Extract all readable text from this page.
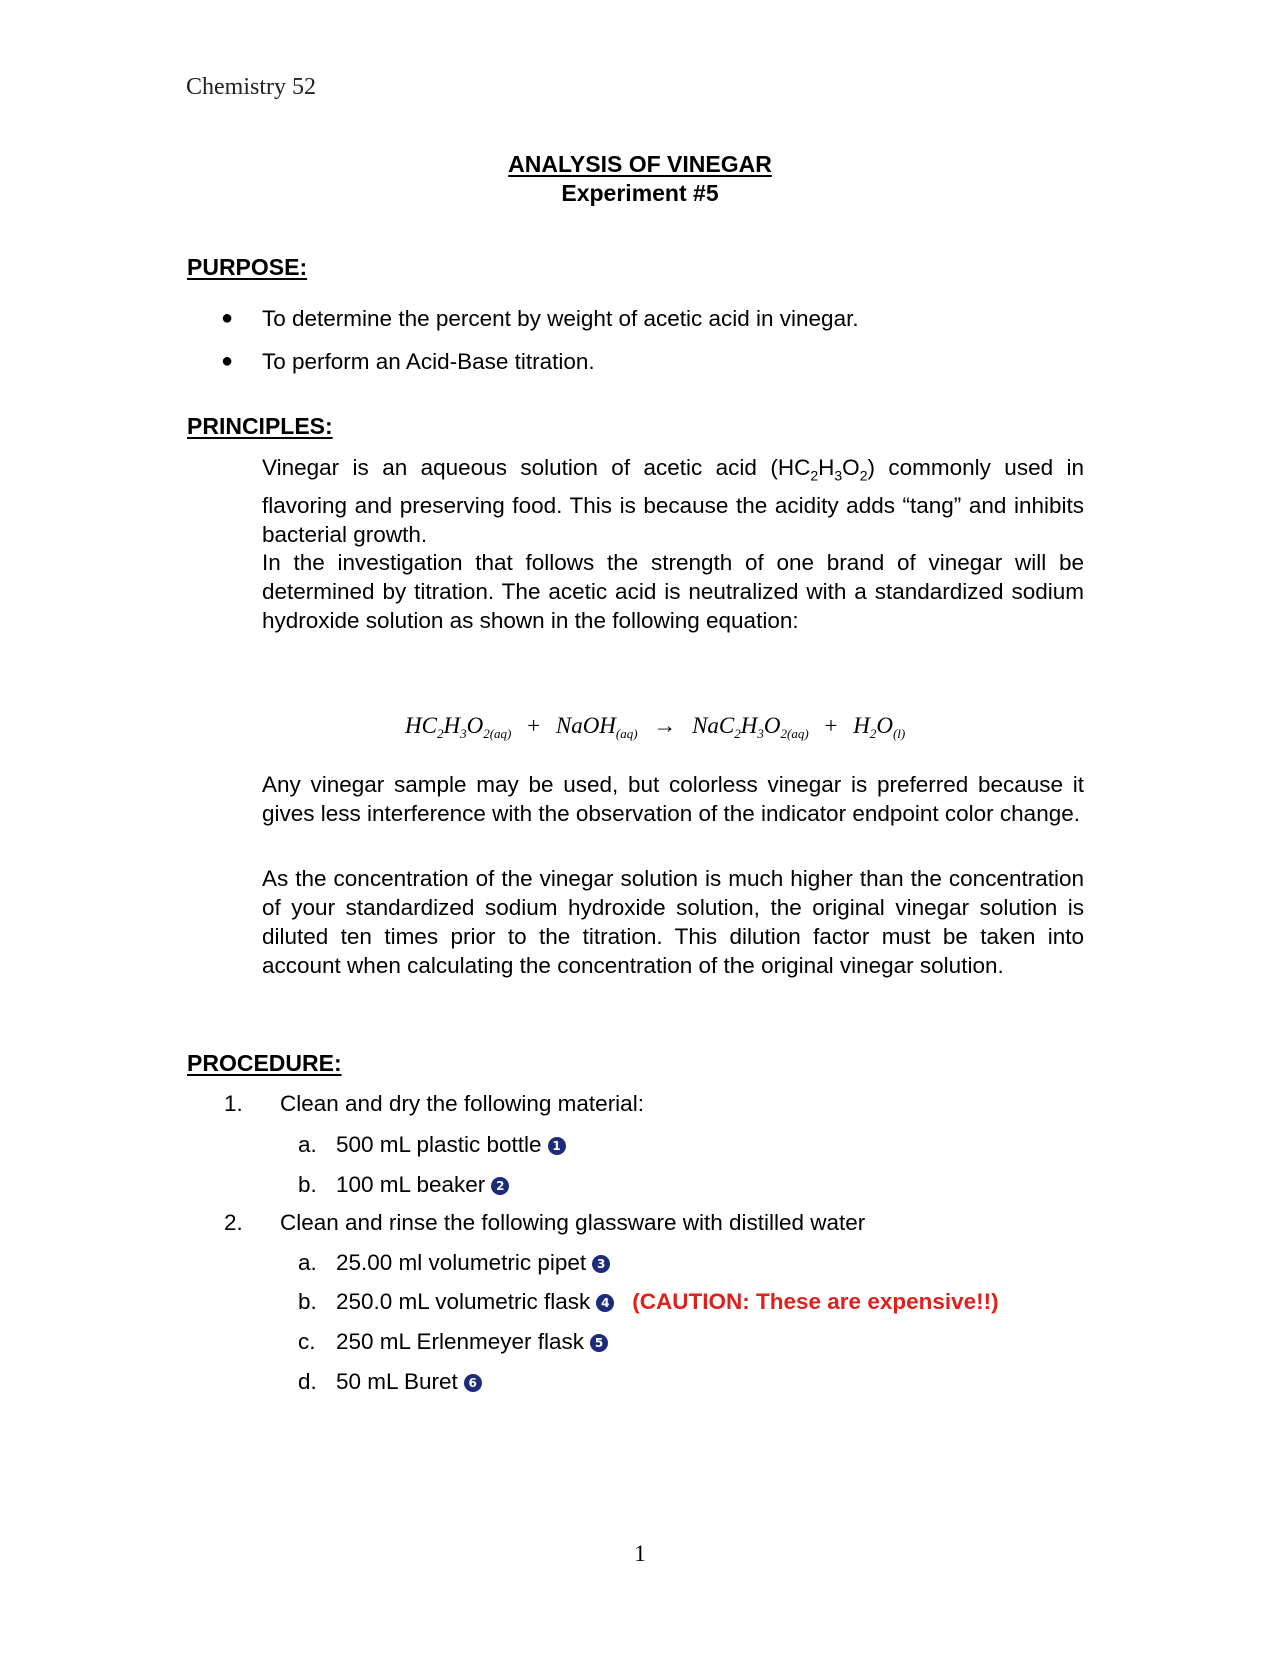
Chemistry 52
ANALYSIS OF VINEGAR
Experiment #5
PURPOSE:
● To determine the percent by weight of acetic acid in vinegar.
● To perform an Acid-Base titration.
PRINCIPLES:

Vinegar is an aqueous solution of acetic acid $(HC_2H_3O_2)$ commonly used in flavoring and preserving food. This is because the acidity adds “tang” and inhibits bacterial growth.

In the investigation that follows the strength of one brand of vinegar will be determined by titration. The acetic acid is neutralized with a standardized sodium hydroxide solution as shown in the following equation:

$HC_2H_3O_{2(aq)}$ + NaOH$_{(aq)}$ → $NaC_2H_3O_{2(aq)} + H_2O_{(l)}$

Any vinegar sample may be used, but colorless vinegar is preferred because it gives less interference with the observation of the indicator endpoint color change.

As the concentration of the vinegar solution is much higher than the concentration of your standardized sodium hydroxide solution, the original vinegar solution is diluted ten times prior to the titration. This dilution factor must be taken into account when calculating the concentration of the original vinegar solution.

PROCEDURE:
1. Clean and dry the following material:
a. 500 mL plastic bottle 1
b. 100 mL beaker 2
2. Clean and rinse the following glassware with distilled water
a. 25.00 ml volumetric pipet 3
b. 250.0 mL volumetric flask 4 (CAUTION: These are expensive!!)
c. 250 mL Erlenmeyer flask 5
d. 50 mL Buret 6
1
